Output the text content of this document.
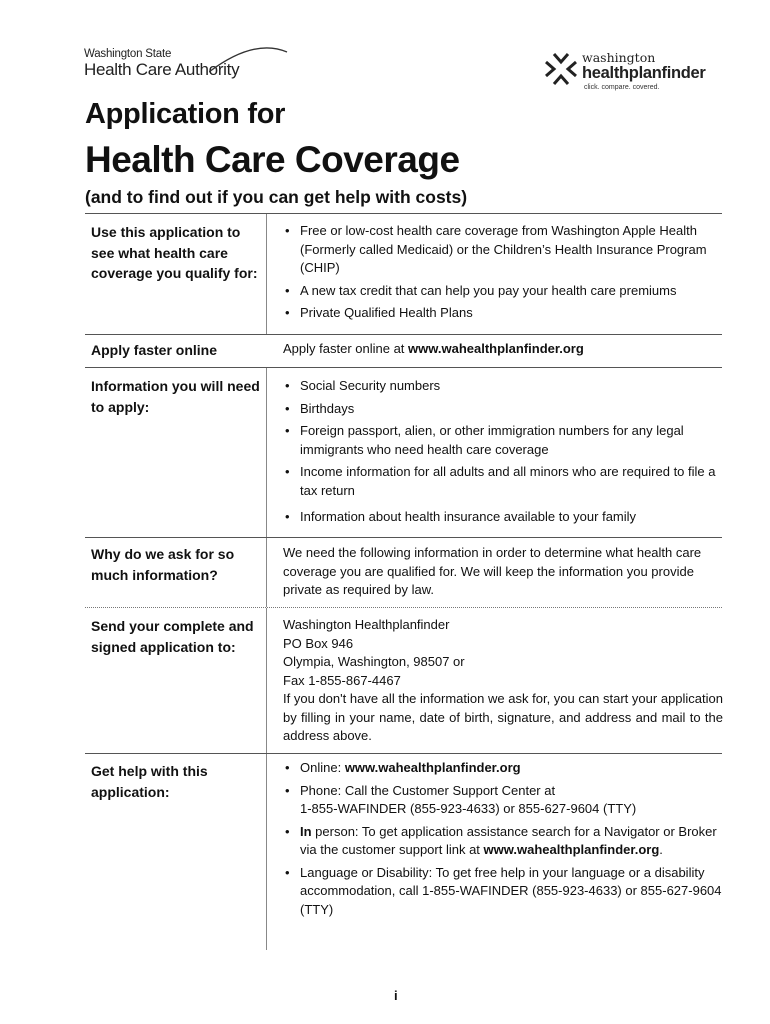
Washington State
Health Care Authority
washington
healthplanfinder
click. compare. covered.
Application for
Health Care Coverage
(and to find out if you can get help with costs)
Use this application to see what health care coverage you qualify for:
• Free or low-cost health care coverage from Washington Apple Health (Formerly called Medicaid) or the Children’s Health Insurance Program (CHIP)
• A new tax credit that can help you pay your health care premiums
• Private Qualified Health Plans
Apply faster online	Apply faster online at www.wahealthplanfinder.org
Information you will need to apply:
• Social Security numbers
• Birthdays
• Foreign passport, alien, or other immigration numbers for any legal immigrants who need health care coverage
• Income information for all adults and all minors who are required to file a tax return
• Information about health insurance available to your family
Why do we ask for so much information?
We need the following information in order to determine what health care coverage you are qualified for. We will keep the information you provide private as required by law.
Send your complete and signed application to:
Washington Healthplanfinder
PO Box 946
Olympia, Washington, 98507 or
Fax 1-855-867-4467
If you don't have all the information we ask for, you can start your application by filling in your name, date of birth, signature, and address and mail to the address above.
Get help with this application:
• Online: www.wahealthplanfinder.org
• Phone: Call the Customer Support Center at
1-855-WAFINDER (855-923-4633) or 855-627-9604 (TTY)
• In person: To get application assistance search for a Navigator or Broker via the customer support link at www.wahealthplanfinder.org.
• Language or Disability: To get free help in your language or a disability accommodation, call 1-855-WAFINDER (855-923-4633) or 855-627-9604 (TTY)
i
